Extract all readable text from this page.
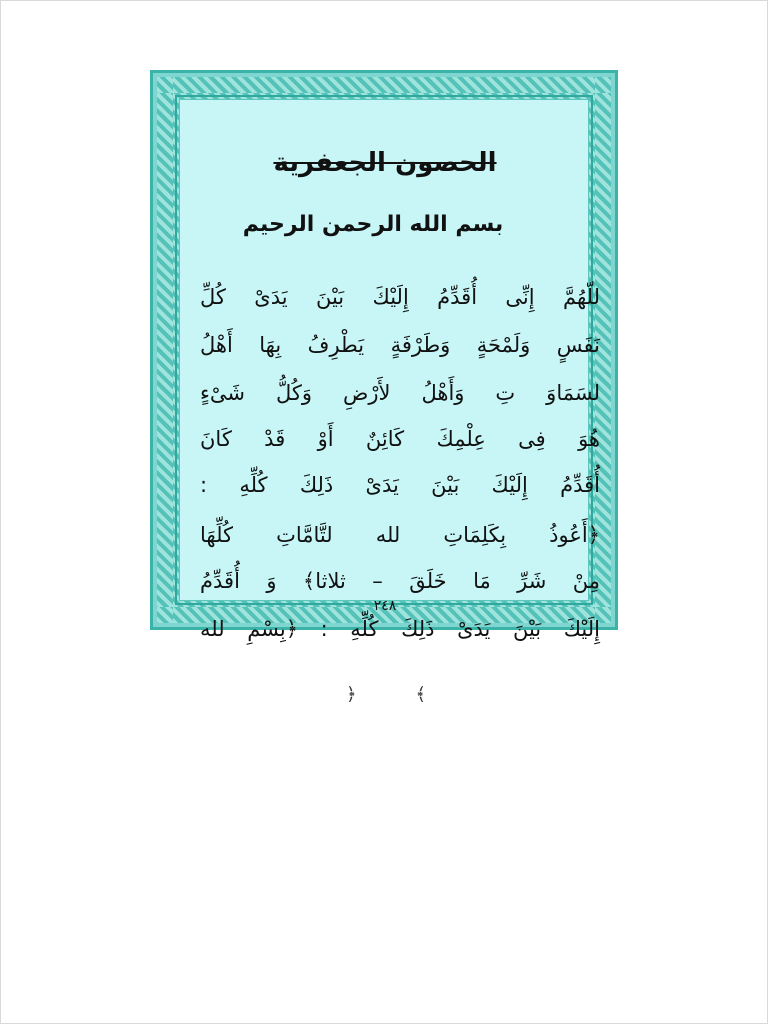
الحصون الجعفرية
بسم الله الرحمن الرحيم
للّهُمَّ إِنِّى أُقَدِّمُ إِلَيْكَ بَيْنَ يَدَىْ كُلِّ
نَفَسٍ وَلَمْحَةٍ وَطَرْفَةٍ يَطْرِفُ بِهَا أَهْلُ
لسَمَاوَ تِ وَأَهْلُ لأَرْضِ وَكُلُّ شَىْءٍ
هُوَ فِى عِلْمِكَ كَائِنٌ أَوْ قَدْ كَانَ
أُقَدِّمُ إِلَيْكَ بَيْنَ يَدَىْ ذَلِكَ كُلِّهِ :
﴿أَعُوذُ بِكَلِمَاتِ لله لتَّامَّاتِ كُلِّهَا
مِنْ شَرِّ مَا خَلَقَ – ثلاثا﴾ وَ أُقَدِّمُ
إِلَيْكَ بَيْنَ يَدَىْ ذَلِكَ كُلِّهِ : ﴿بِسْمِ لله
٢٤٨
﴿	﴾
